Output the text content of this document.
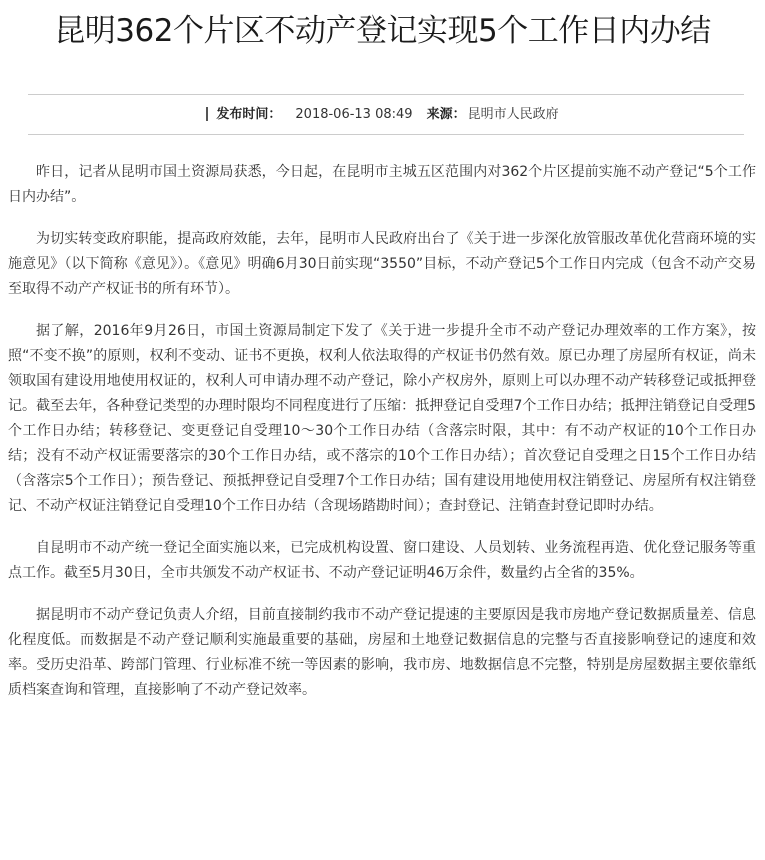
昆明362个片区不动产登记实现5个工作日内办结
发布时间： 2018-06-13 08:49 来源： 昆明市人民政府

昨日，记者从昆明市国土资源局获悉，今日起，在昆明市主城五区范围内对362个片区提前实施不动产登记“5个工作日内办结”。

为切实转变政府职能，提高政府效能，去年，昆明市人民政府出台了《关于进一步深化放管服改革优化营商环境的实施意见》（以下简称《意见》）。《意见》明确6月30日前实现“3550”目标，不动产登记5个工作日内完成（包含不动产交易至取得不动产产权证书的所有环节）。

据了解，2016年9月26日，市国土资源局制定下发了《关于进一步提升全市不动产登记办理效率的工作方案》，按照“不变不换”的原则，权利不变动、证书不更换，权利人依法取得的产权证书仍然有效。原已办理了房屋所有权证，尚未领取国有建设用地使用权证的，权利人可申请办理不动产登记，除小产权房外，原则上可以办理不动产转移登记或抵押登记。截至去年，各种登记类型的办理时限均不同程度进行了压缩：抵押登记自受理7个工作日办结；抵押注销登记自受理5个工作日办结；转移登记、变更登记自受理10～30个工作日办结（含落宗时限，其中：有不动产权证的10个工作日办结；没有不动产权证需要落宗的30个工作日办结，或不落宗的10个工作日办结）；首次登记自受理之日15个工作日办结（含落宗5个工作日）；预告登记、预抵押登记自受理7个工作日办结；国有建设用地使用权注销登记、房屋所有权注销登记、不动产权证注销登记自受理10个工作日办结（含现场踏勘时间）；查封登记、注销查封登记即时办结。

自昆明市不动产统一登记全面实施以来，已完成机构设置、窗口建设、人员划转、业务流程再造、优化登记服务等重点工作。截至5月30日，全市共颁发不动产权证书、不动产登记证明46万余件，数量约占全省的35%。

据昆明市不动产登记负责人介绍，目前直接制约我市不动产登记提速的主要原因是我市房地产登记数据质量差、信息化程度低。而数据是不动产登记顺利实施最重要的基础，房屋和土地登记数据信息的完整与否直接影响登记的速度和效率。受历史沿革、跨部门管理、行业标准不统一等因素的影响，我市房、地数据信息不完整，特别是房屋数据主要依靠纸质档案查询和管理，直接影响了不动产登记效率。
